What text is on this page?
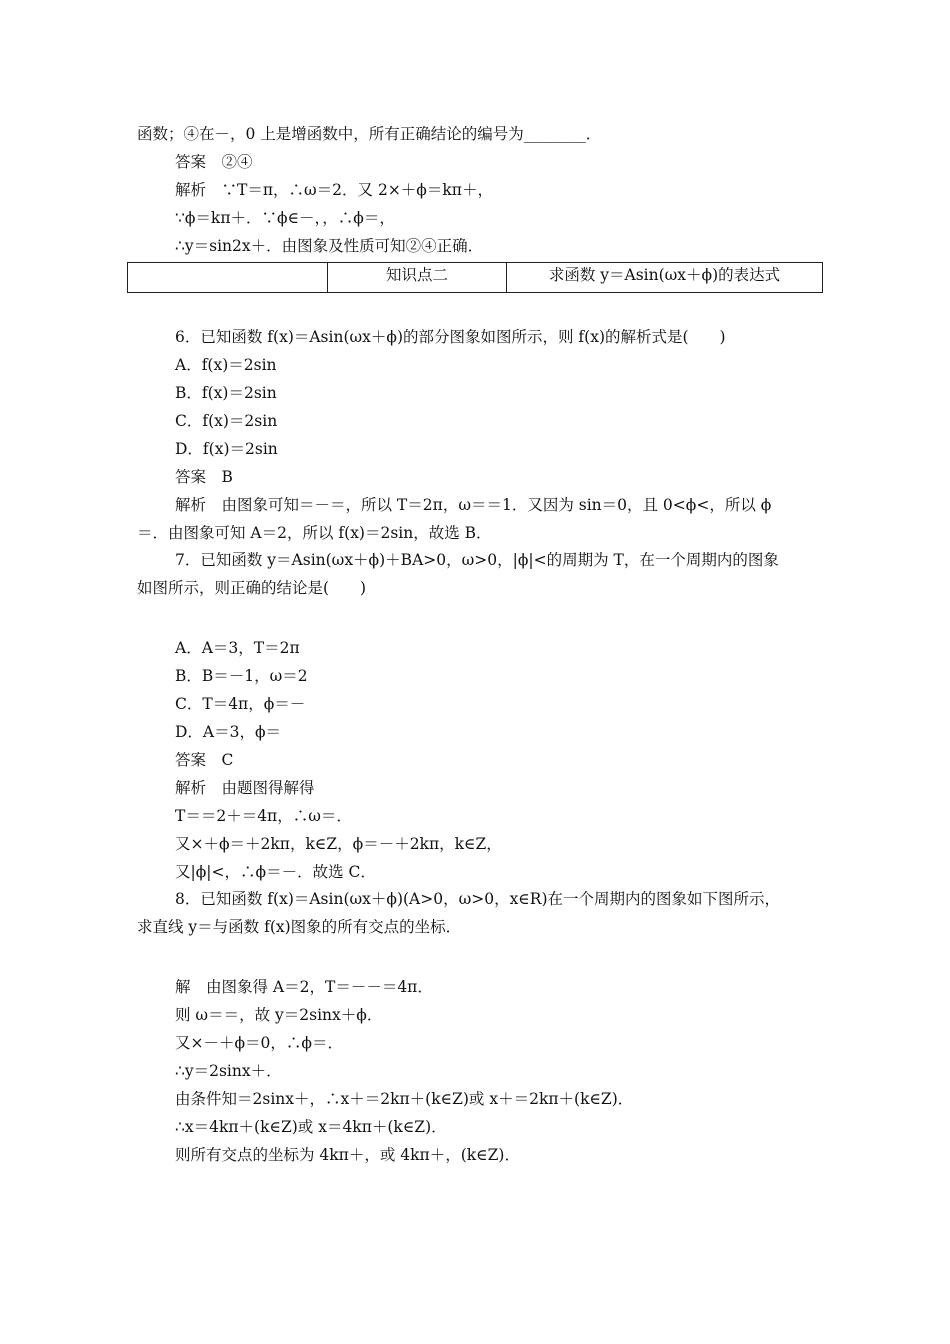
函数；④在－，0 上是增函数中，所有正确结论的编号为________．
答案　②④
解析　∵T＝π，∴ω＝2．又 2×＋ϕ＝kπ＋，
∵ϕ＝kπ＋．∵ϕ∈－，，∴ϕ＝，
∴y＝sin2x＋．由图象及性质可知②④正确．
知识点二	求函数 y＝Asin(ωx＋ϕ)的表达式
6．已知函数 f(x)＝Asin(ωx＋ϕ)的部分图象如图所示，则 f(x)的解析式是(　　)
A．f(x)＝2sin
B．f(x)＝2sin
C．f(x)＝2sin
D．f(x)＝2sin
答案　B
解析　由图象可知＝－＝，所以 T＝2π，ω＝＝1．又因为 sin＝0，且 0<ϕ<，所以 ϕ
＝．由图象可知 A＝2，所以 f(x)＝2sin，故选 B．
7．已知函数 y＝Asin(ωx＋ϕ)＋BA>0，ω>0，|ϕ|<的周期为 T，在一个周期内的图象
如图所示，则正确的结论是(　　)
A．A＝3，T＝2π
B．B＝－1，ω＝2
C．T＝4π，ϕ＝－
D．A＝3，ϕ＝
答案　C
解析　由题图得解得
T＝＝2＋＝4π，∴ω＝．
又×＋ϕ＝＋2kπ，k∈Z，ϕ＝－＋2kπ，k∈Z，
又|ϕ|<，∴ϕ＝－．故选 C．
8．已知函数 f(x)＝Asin(ωx＋ϕ)(A>0，ω>0，x∈R)在一个周期内的图象如下图所示，
求直线 y＝与函数 f(x)图象的所有交点的坐标．
解　由图象得 A＝2，T＝－－＝4π．
则 ω＝＝，故 y＝2sinx＋ϕ．
又×－＋ϕ＝0，∴ϕ＝．
∴y＝2sinx＋．
由条件知＝2sinx＋，∴x＋＝2kπ＋(k∈Z)或 x＋＝2kπ＋(k∈Z)．
∴x＝4kπ＋(k∈Z)或 x＝4kπ＋(k∈Z)．
则所有交点的坐标为 4kπ＋，或 4kπ＋，(k∈Z)．
